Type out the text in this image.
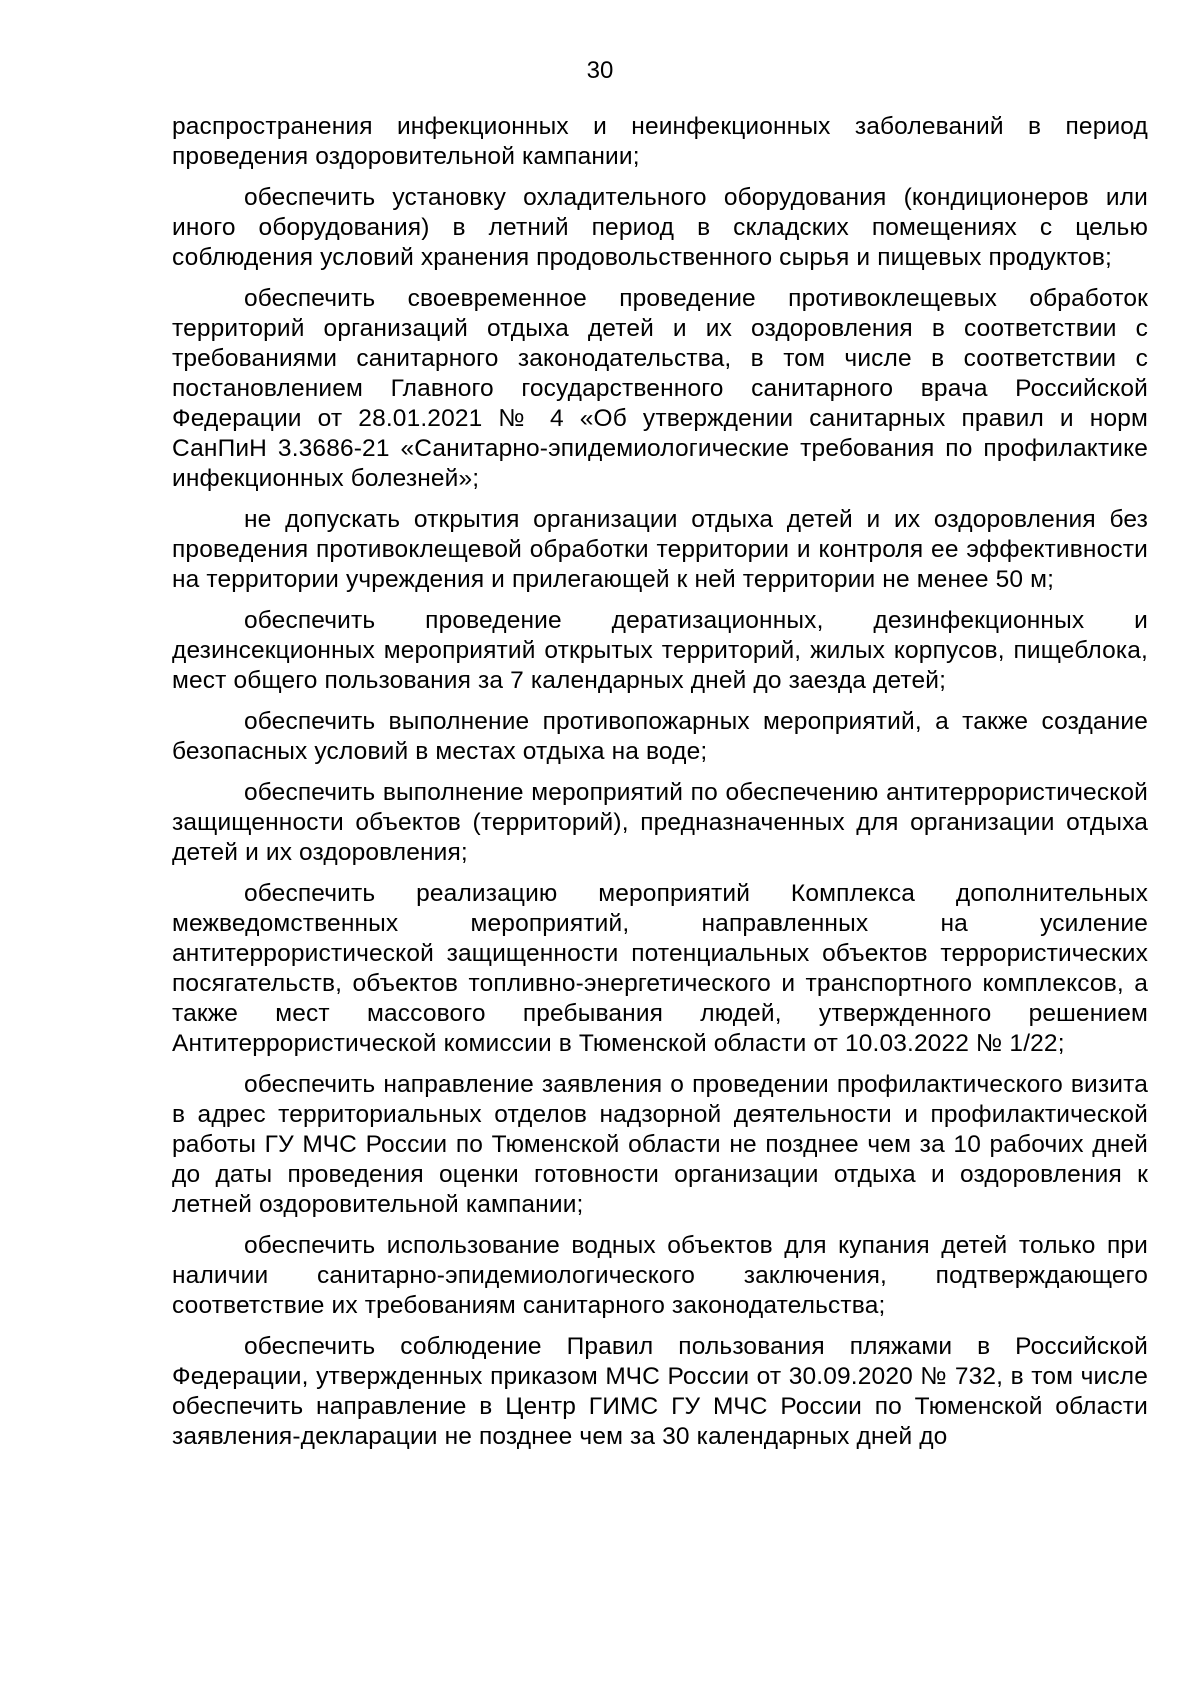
30

распространения инфекционных и неинфекционных заболеваний в период проведения оздоровительной кампании;

обеспечить установку охладительного оборудования (кондиционеров или иного оборудования) в летний период в складских помещениях с целью соблюдения условий хранения продовольственного сырья и пищевых продуктов;

обеспечить своевременное проведение противоклещевых обработок территорий организаций отдыха детей и их оздоровления в соответствии с требованиями санитарного законодательства, в том числе в соответствии с постановлением Главного государственного санитарного врача Российской Федерации от 28.01.2021 № 4 «Об утверждении санитарных правил и норм СанПиН 3.3686-21 «Санитарно-эпидемиологические требования по профилактике инфекционных болезней»;

не допускать открытия организации отдыха детей и их оздоровления без проведения противоклещевой обработки территории и контроля ее эффективности на территории учреждения и прилегающей к ней территории не менее 50 м;

обеспечить проведение дератизационных, дезинфекционных и дезинсекционных мероприятий открытых территорий, жилых корпусов, пищеблока, мест общего пользования за 7 календарных дней до заезда детей;

обеспечить выполнение противопожарных мероприятий, а также создание безопасных условий в местах отдыха на воде;

обеспечить выполнение мероприятий по обеспечению антитеррористической защищенности объектов (территорий), предназначенных для организации отдыха детей и их оздоровления;

обеспечить реализацию мероприятий Комплекса дополнительных межведомственных мероприятий, направленных на усиление антитеррористической защищенности потенциальных объектов террористических посягательств, объектов топливно-энергетического и транспортного комплексов, а также мест массового пребывания людей, утвержденного решением Антитеррористической комиссии в Тюменской области от 10.03.2022 № 1/22;

обеспечить направление заявления о проведении профилактического визита в адрес территориальных отделов надзорной деятельности и профилактической работы ГУ МЧС России по Тюменской области не позднее чем за 10 рабочих дней до даты проведения оценки готовности организации отдыха и оздоровления к летней оздоровительной кампании;

обеспечить использование водных объектов для купания детей только при наличии санитарно-эпидемиологического заключения, подтверждающего соответствие их требованиям санитарного законодательства;

обеспечить соблюдение Правил пользования пляжами в Российской Федерации, утвержденных приказом МЧС России от 30.09.2020 № 732, в том числе обеспечить направление в Центр ГИМС ГУ МЧС России по Тюменской области заявления-декларации не позднее чем за 30 календарных дней до
